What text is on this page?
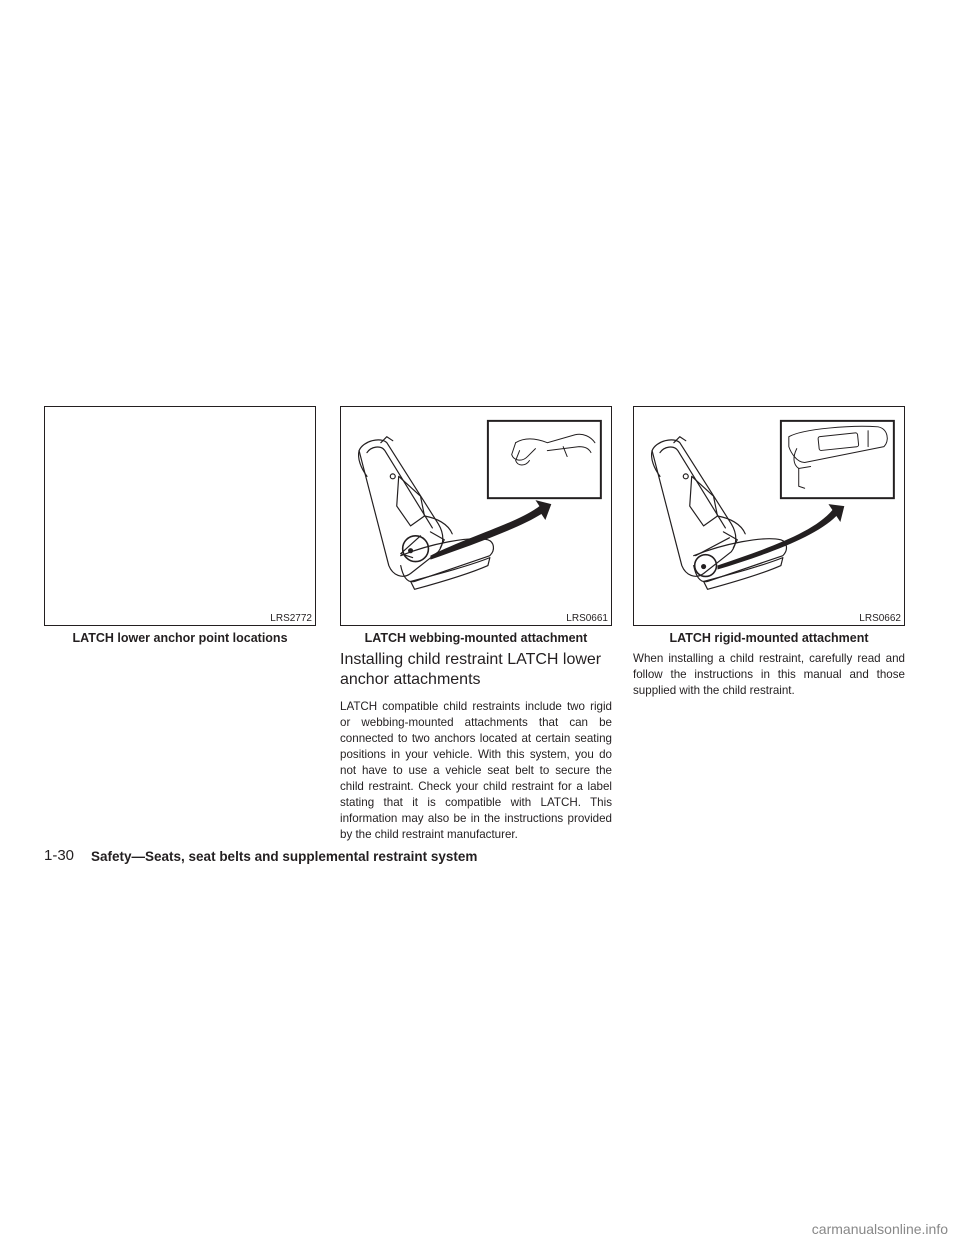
LRS2772
LATCH lower anchor point locations
LRS0661
LATCH webbing-mounted attachment
LRS0662
LATCH rigid-mounted attachment
Installing child restraint LATCH lower anchor attachments

LATCH compatible child restraints include two rigid or webbing-mounted attachments that can be connected to two anchors located at certain seating positions in your vehicle. With this system, you do not have to use a vehicle seat belt to secure the child restraint. Check your child restraint for a label stating that it is compatible with LATCH. This information may also be in the instructions provided by the child restraint manufacturer.

When installing a child restraint, carefully read and follow the instructions in this manual and those supplied with the child restraint.

1-30 Safety—Seats, seat belts and supplemental restraint system
carmanualsonline.info
